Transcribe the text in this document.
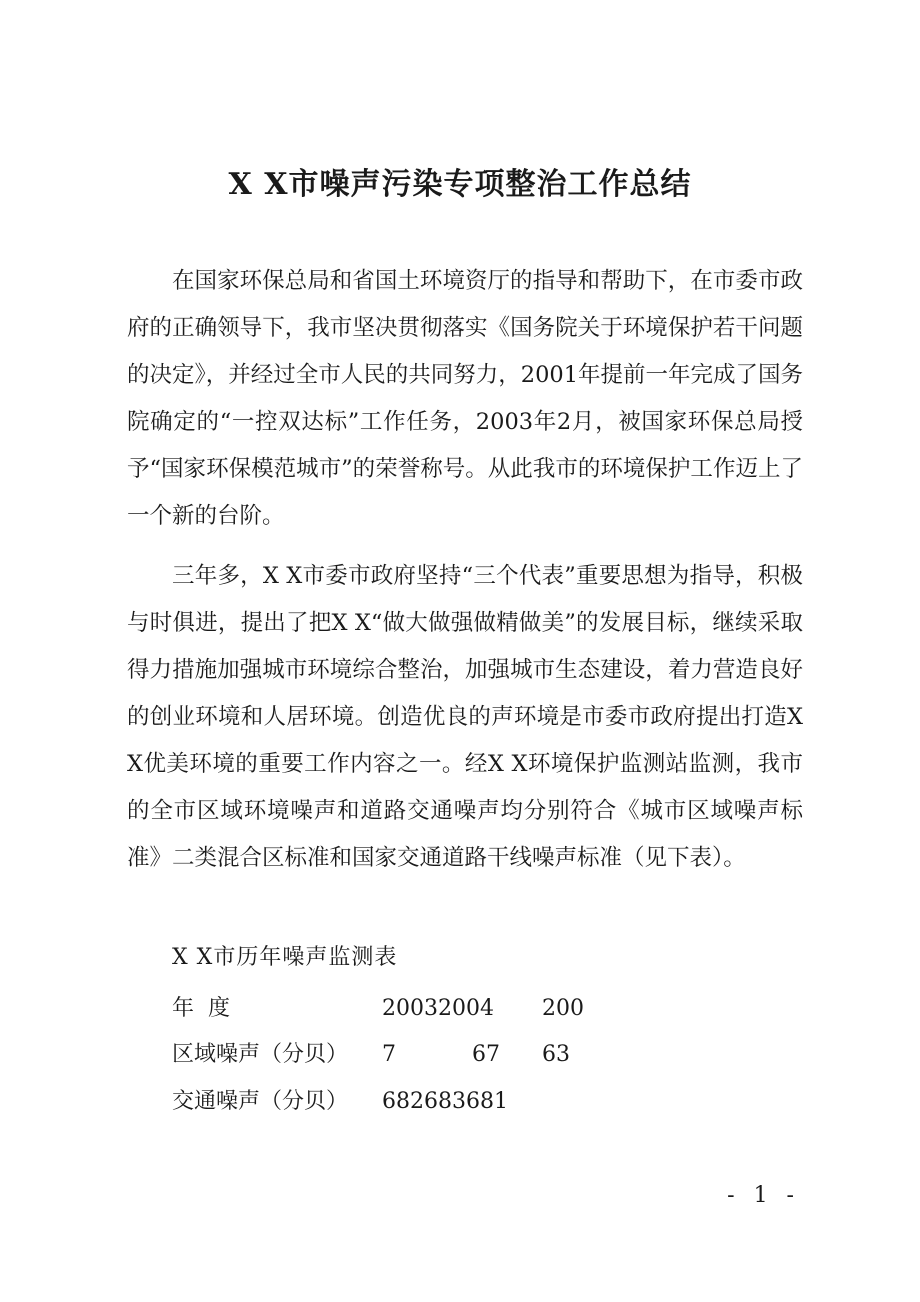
X X市噪声污染专项整治工作总结

在国家环保总局和省国土环境资厅的指导和帮助下，在市委市政府的正确领导下，我市坚决贯彻落实《国务院关于环境保护若干问题的决定》，并经过全市人民的共同努力，2001年提前一年完成了国务院确定的“一控双达标”工作任务，2003年2月，被国家环保总局授予“国家环保模范城市”的荣誉称号。从此我市的环境保护工作迈上了一个新的台阶。

三年多，X X市委市政府坚持“三个代表”重要思想为指导，积极与时俱进，提出了把X X“做大做强做精做美”的发展目标，继续采取得力措施加强城市环境综合整治，加强城市生态建设，着力营造良好的创业环境和人居环境。创造优良的声环境是市委市政府提出打造X X优美环境的重要工作内容之一。经X X环境保护监测站监测，我市的全市区域环境噪声和道路交通噪声均分别符合《城市区域噪声标准》二类混合区标准和国家交通道路干线噪声标准（见下表）。

X X市历年噪声监测表
年  度	20032004 200
区域噪声（分贝） 7	67 63
交通噪声（分贝） 682683681
- 1 -
